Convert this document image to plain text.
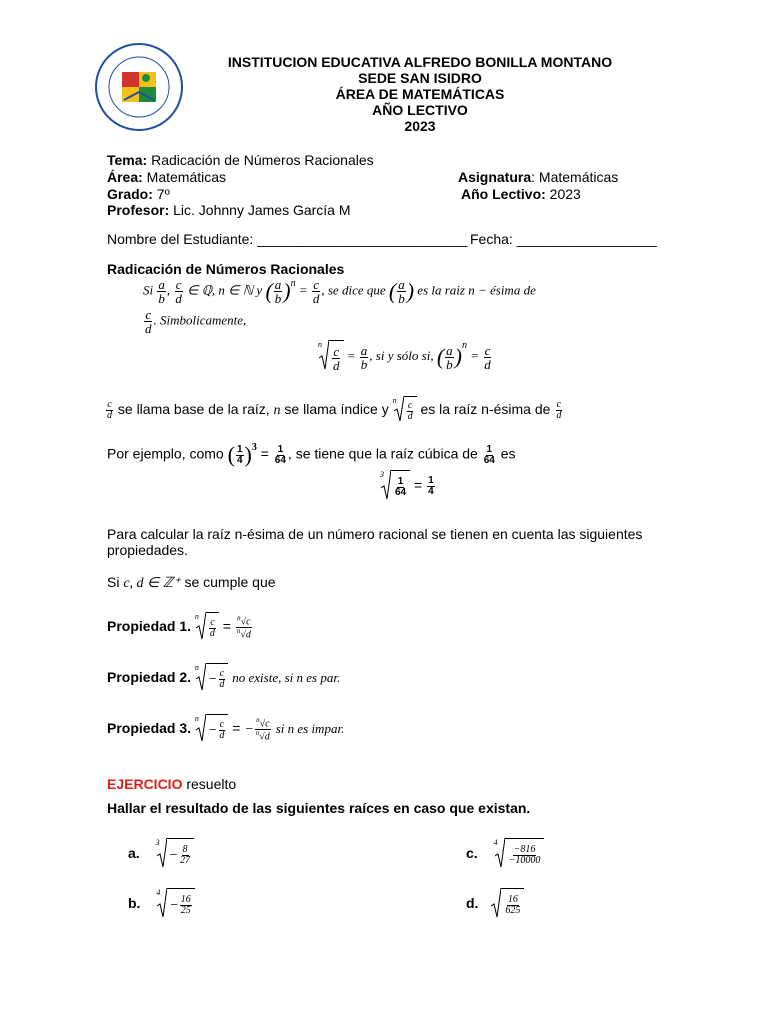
INSTITUCION EDUCATIVA ALFREDO BONILLA MONTANO
SEDE SAN ISIDRO
ÁREA DE MATEMÁTICAS
AÑO LECTIVO
2023
Tema: Radicación de Números Racionales
Área: Matemáticas	Asignatura: Matemáticas
Grado: 7º	Año Lectivo: 2023
Profesor: Lic. Johnny James García M
Nombre del Estudiante: ___________________________ Fecha: __________________
Radicación de Números Racionales
Si $\frac{a}{b}$ , $\frac{c}{d}$ ∈ ℚ, n ∈ ℕ y ( $\frac{a}{b} )^n = \frac{c}{d}$ , se dice que ( $\frac{a}{b}$ ) es la raiz n − ésima de
$\frac{c}{d}$ . Simbolicamente,
n $\frac{c}{d} = \frac{a}{b}$ , si y sólo si, ( $\frac{a}{b} )^n = \frac{c}{d}$
$\frac{c}{d}$ se llama base de la raíz, n se llama índice y
n
$\frac{c}{d}$ es la raíz n-ésima de $\frac{c}{d}$
Por ejemplo, como ( $\frac{1}{4} )^3 = \frac{1}{64}$ , se tiene que la raíz cúbica de $\frac{1}{64}$ es
3
$\frac{1}{64} = \frac{1}{4}$
Para calcular la raíz n-ésima de un número racional se tienen en cuenta las siguientes propiedades.
Si c, d ∈ ℤ⁺ se cumple que
Propiedad 1.
n
$\frac{c}{d} = \frac{^n√c}{^n√d}$
Propiedad 2.
n
− $\frac{c}{d}$ no existe, si n es par.
Propiedad 3.
n
− $\frac{c}{d}$ = − $\frac{^n√c}{^n√d}$ si n es impar.
EJERCICIO resuelto
Hallar el resultado de las siguientes raíces en caso que existan.
a.
3
− $\frac{8}{27}$
b.
4
− $\frac{16}{25}$
c.
4
$\frac{-816}{-10000}$
d.	$\frac{16}{625}$
